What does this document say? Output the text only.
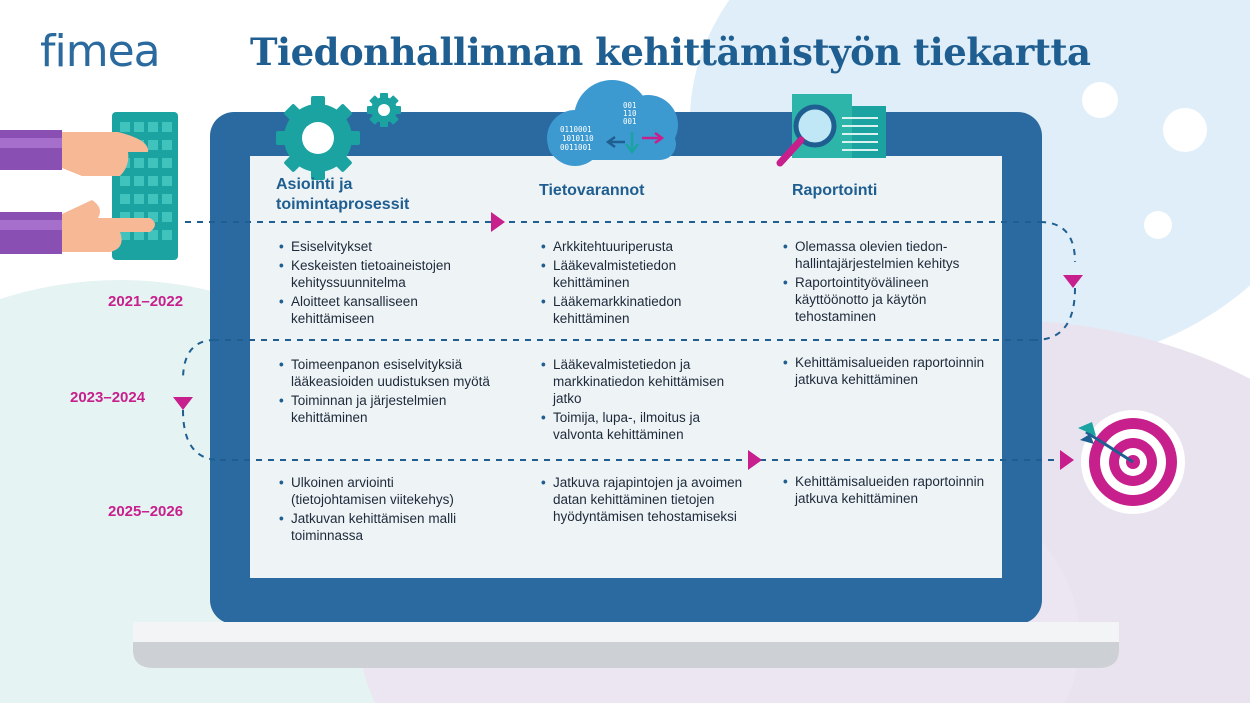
0110001
1010110
0011001
001
110
001
fimea Tiedonhallinnan kehittämistyön tiekartta
Asiointi ja toimintaprosessit
Tietovarannot	Raportointi
2021–2022
2023–2024
2025–2026
• Esiselvitykset
• Keskeisten tietoaineistojen kehityssuunnitelma
• Aloitteet kansalliseen kehittämiseen
• Arkkitehtuuriperusta
• Lääkevalmistetiedon kehittäminen
• Lääkemarkkinatiedon kehittäminen
• Olemassa olevien tiedonhallintajärjestelmien kehitys
• Raportointityövälineen käyttöönotto ja käytön tehostaminen
• Toimeenpanon esiselvityksiä lääkeasioiden uudistuksen myötä
• Toiminnan ja järjestelmien kehittäminen
• Lääkevalmistetiedon ja markkinatiedon kehittämisen jatko
• Toimija, lupa-, ilmoitus ja valvonta kehittäminen
• Kehittämisalueiden raportoinnin jatkuva kehittäminen
• Ulkoinen arviointi (tietojohtamisen viitekehys)
• Jatkuvan kehittämisen malli toiminnassa
• Jatkuva rajapintojen ja avoimen datan kehittäminen tietojen hyödyntämisen tehostamiseksi
• Kehittämisalueiden raportoinnin jatkuva kehittäminen
